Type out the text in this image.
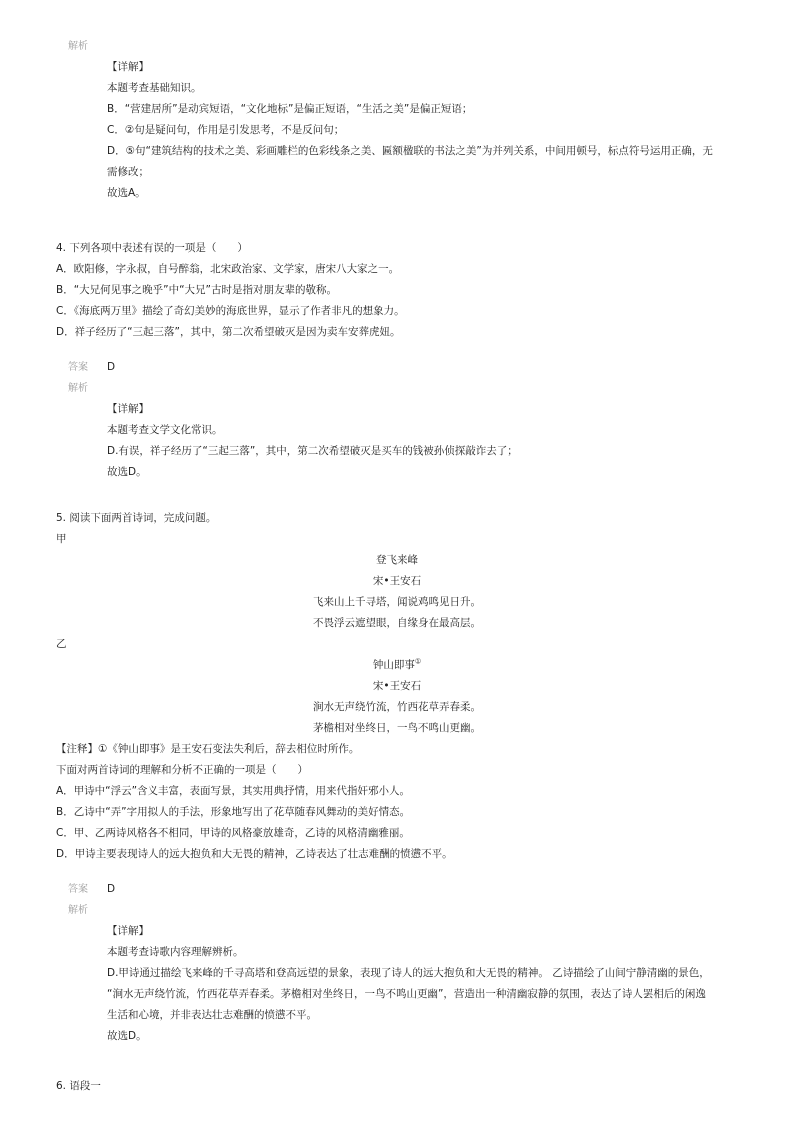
解析
【详解】
本题考查基础知识。
B．“营建居所”是动宾短语，“文化地标”是偏正短语，“生活之美”是偏正短语；
C．②句是疑问句，作用是引发思考，不是反问句；
D．⑤句“建筑结构的技术之美、彩画雕栏的色彩线条之美、匾额楹联的书法之美”为并列关系，中间用顿号，标点符号运用正确，无
需修改；
故选A。
4. 下列各项中表述有误的一项是（　　）
A．欧阳修，字永叔，自号醉翁，北宋政治家、文学家，唐宋八大家之一。
B．“大兄何见事之晚乎”中“大兄”古时是指对朋友辈的敬称。
C．《海底两万里》描绘了奇幻美妙的海底世界，显示了作者非凡的想象力。
D．祥子经历了“三起三落”，其中，第二次希望破灭是因为卖车安葬虎妞。
答案 D
解析
【详解】
本题考查文学文化常识。
D.有误，祥子经历了“三起三落”，其中，第二次希望破灭是买车的钱被孙侦探敲诈去了；
故选D。
5. 阅读下面两首诗词，完成问题。
甲
登飞来峰
宋•王安石
飞来山上千寻塔，闻说鸡鸣见日升。
不畏浮云遮望眼，自缘身在最高层。
乙
钟山即事①
宋•王安石
涧水无声绕竹流，竹西花草弄春柔。
茅檐相对坐终日，一鸟不鸣山更幽。
【注释】①《钟山即事》是王安石变法失利后，辞去相位时所作。
下面对两首诗词的理解和分析不正确的一项是（　　）
A．甲诗中“浮云”含义丰富，表面写景，其实用典抒情，用来代指奸邪小人。
B．乙诗中“弄”字用拟人的手法，形象地写出了花草随春风舞动的美好情态。
C．甲、乙两诗风格各不相同，甲诗的风格豪放雄奇，乙诗的风格清幽雅丽。
D．甲诗主要表现诗人的远大抱负和大无畏的精神，乙诗表达了壮志难酬的愤懑不平。
答案 D
解析
【详解】
本题考查诗歌内容理解辨析。
D.甲诗通过描绘飞来峰的千寻高塔和登高远望的景象，表现了诗人的远大抱负和大无畏的精神。 乙诗描绘了山间宁静清幽的景色，
“涧水无声绕竹流，竹西花草弄春柔。茅檐相对坐终日，一鸟不鸣山更幽”，营造出一种清幽寂静的氛围，表达了诗人罢相后的闲逸
生活和心境，并非表达壮志难酬的愤懑不平。
故选D。
6. 语段一
